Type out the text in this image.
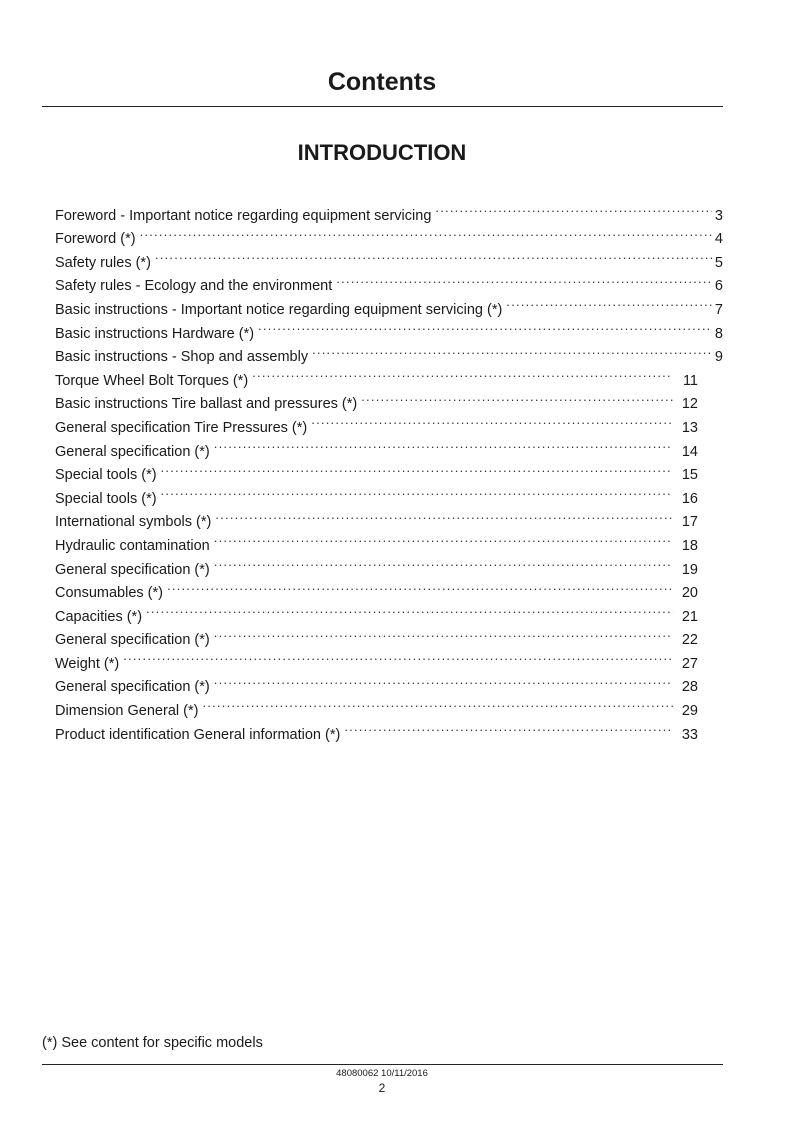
Contents
INTRODUCTION
Foreword - Important notice regarding equipment servicing . . .	3
Foreword (*) . . .	4
Safety rules (*) . . .	5
Safety rules - Ecology and the environment . . .	6
Basic instructions - Important notice regarding equipment servicing (*) . . .	7
Basic instructions Hardware (*) . . .	8
Basic instructions - Shop and assembly . . .	9
Torque Wheel Bolt Torques (*) . . .	11
Basic instructions Tire ballast and pressures (*) . . .	12
General specification Tire Pressures (*) . . .	13
General specification (*) . . .	14
Special tools (*) . . .	15
Special tools (*) . . .	16
International symbols (*) . . .	17
Hydraulic contamination . . .	18
General specification (*) . . .	19
Consumables (*) . . .	20
Capacities (*) . . .	21
General specification (*) . . .	22
Weight (*) . . .	27
General specification (*) . . .	28
Dimension General (*) . . .	29
Product identification General information (*) . . .	33

(*) See content for specific models

48080062 10/11/2016
2
